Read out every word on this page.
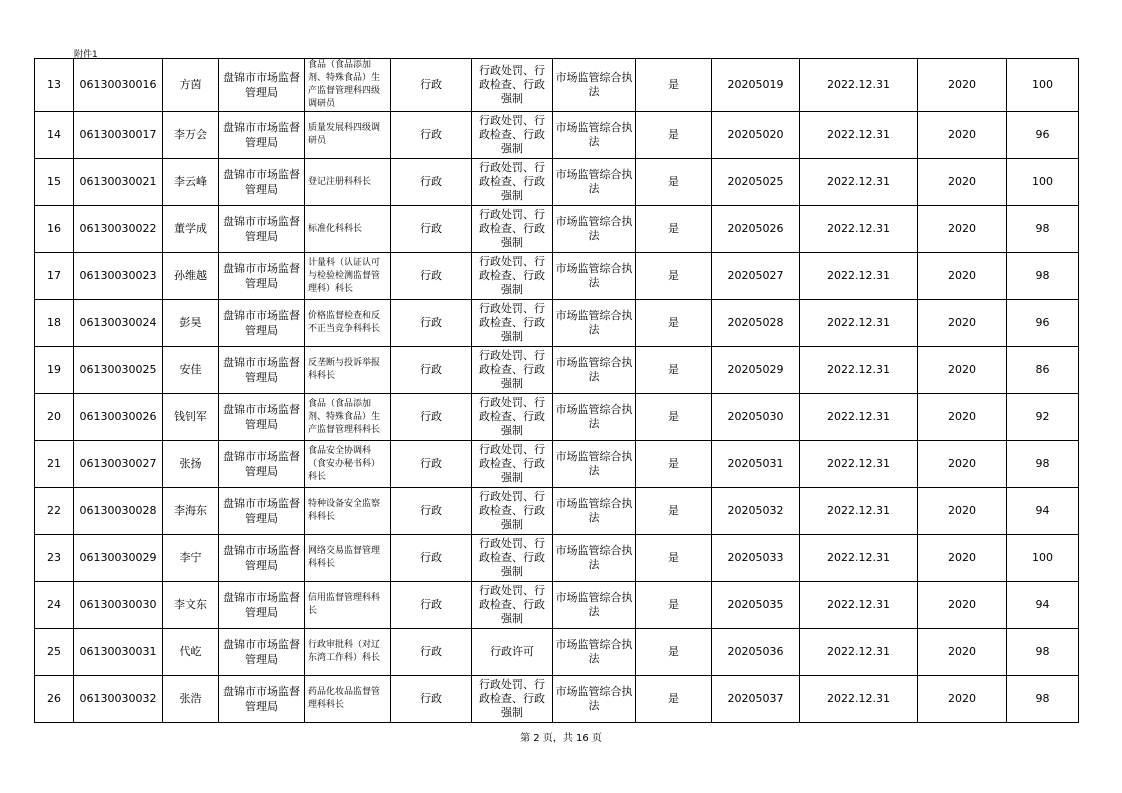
附件1
13	06130030016	方茵	盘锦市市场监督管理局	食品（食品添加剂、特殊食品）生产监督管理科四级调研员	行政	行政处罚、行政检查、行政强制	市场监管综合执法	是	20205019	2022.12.31	2020	100
14	06130030017	李万会	盘锦市市场监督管理局	质量发展科四级调研员	行政	行政处罚、行政检查、行政强制	市场监管综合执法	是	20205020	2022.12.31	2020	96
15	06130030021	李云峰	盘锦市市场监督管理局	登记注册科科长	行政	行政处罚、行政检查、行政强制	市场监管综合执法	是	20205025	2022.12.31	2020	100
16	06130030022	董学成	盘锦市市场监督管理局	标准化科科长	行政	行政处罚、行政检查、行政强制	市场监管综合执法	是	20205026	2022.12.31	2020	98
17	06130030023	孙维越	盘锦市市场监督管理局	计量科（认证认可与检验检测监督管理科）科长	行政	行政处罚、行政检查、行政强制	市场监管综合执法	是	20205027	2022.12.31	2020	98
18	06130030024	彭昊	盘锦市市场监督管理局	价格监督检查和反不正当竞争科科长	行政	行政处罚、行政检查、行政强制	市场监管综合执法	是	20205028	2022.12.31	2020	96
19	06130030025	安佳	盘锦市市场监督管理局	反垄断与投诉举报科科长	行政	行政处罚、行政检查、行政强制	市场监管综合执法	是	20205029	2022.12.31	2020	86
20	06130030026	钱钊军	盘锦市市场监督管理局	食品（食品添加剂、特殊食品）生产监督管理科科长	行政	行政处罚、行政检查、行政强制	市场监管综合执法	是	20205030	2022.12.31	2020	92
21	06130030027	张扬	盘锦市市场监督管理局	食品安全协调科（食安办秘书科）科长	行政	行政处罚、行政检查、行政强制	市场监管综合执法	是	20205031	2022.12.31	2020	98
22	06130030028	李海东	盘锦市市场监督管理局	特种设备安全监察科科长	行政	行政处罚、行政检查、行政强制	市场监管综合执法	是	20205032	2022.12.31	2020	94
23	06130030029	李宁	盘锦市市场监督管理局	网络交易监督管理科科长	行政	行政处罚、行政检查、行政强制	市场监管综合执法	是	20205033	2022.12.31	2020	100
24	06130030030	李文东	盘锦市市场监督管理局	信用监督管理科科长	行政	行政处罚、行政检查、行政强制	市场监管综合执法	是	20205035	2022.12.31	2020	94
25	06130030031	代屹	盘锦市市场监督管理局	行政审批科（对辽东湾工作科）科长	行政	行政许可	市场监管综合执法	是	20205036	2022.12.31	2020	98
26	06130030032	张浩	盘锦市市场监督管理局	药品化妆品监督管理科科长	行政	行政处罚、行政检查、行政强制	市场监管综合执法	是	20205037	2022.12.31	2020	98
第 2 页，共 16 页
